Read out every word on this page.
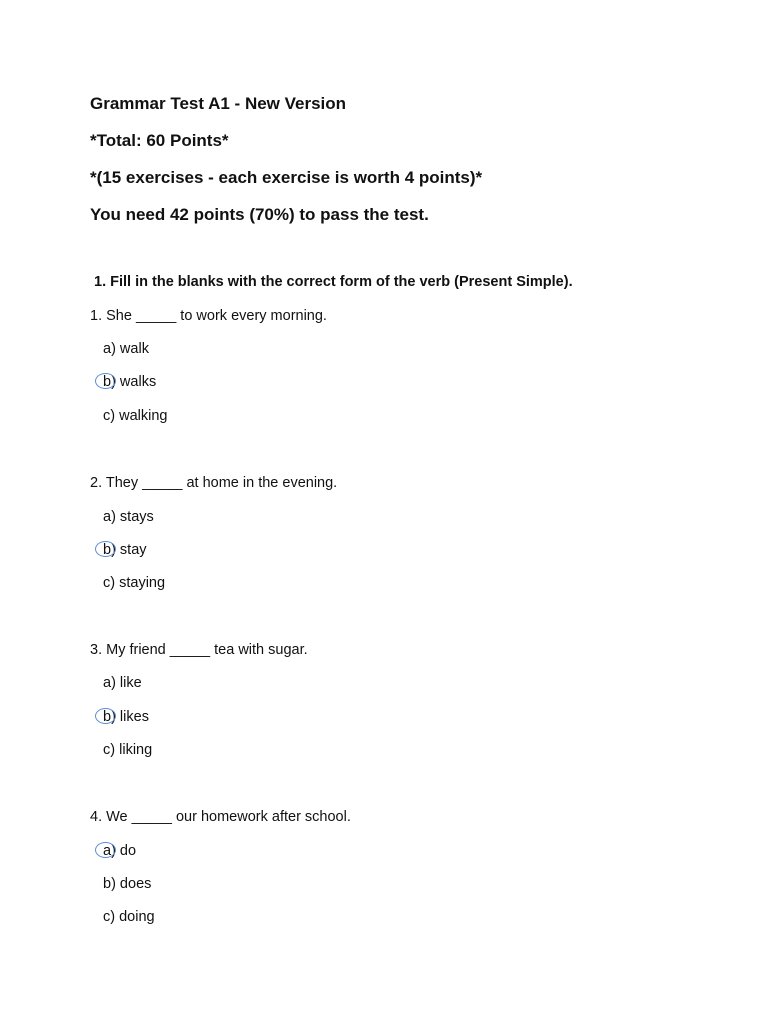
Grammar Test A1 - New Version
*Total: 60 Points*
*(15 exercises - each exercise is worth 4 points)*
You need 42 points (70%) to pass the test.
1. Fill in the blanks with the correct form of the verb (Present Simple).
1. She _____ to work every morning.
a) walk
b) walks
c) walking
2. They _____ at home in the evening.
a) stays
b) stay
c) staying
3. My friend _____ tea with sugar.
a) like
b) likes
c) liking
4. We _____ our homework after school.
a) do
b) does
c) doing
